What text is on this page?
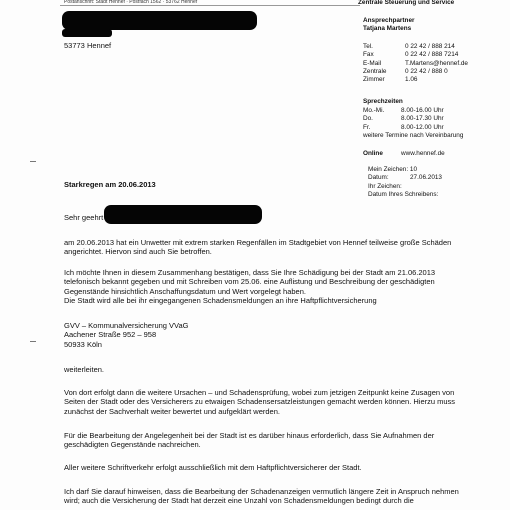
Postanschrift: Stadt Hennef · Postfach 1562 · 53762 Hennef
53773 Hennef
Zentrale Steuerung und Service
Ansprechpartner
Tatjana Martens
Tel.	0 22 42 / 888 214
Fax	0 22 42 / 888 7214
E-Mail	T.Martens@hennef.de
Zentrale	0 22 42 / 888 0
Zimmer	1.06
Sprechzeiten
Mo.-Mi.	8.00-16.00 Uhr
Do.	8.00-17.30 Uhr
Fr.	8.00-12.00 Uhr
weitere Termine nach Vereinbarung
Online	www.hennef.de
Mein Zeichen: 10
Datum:	27.06.2013
Ihr Zeichen:
Datum Ihres Schreibens:
Starkregen am 20.06.2013
Sehr geehrt
am 20.06.2013 hat ein Unwetter mit extrem starken Regenfällen im Stadtgebiet von Hennef teilweise große Schäden
angerichtet. Hiervon sind auch Sie betroffen.
Ich möchte Ihnen in diesem Zusammenhang bestätigen, dass Sie Ihre Schädigung bei der Stadt am 21.06.2013
telefonisch bekannt gegeben und mit Schreiben vom 25.06. eine Auflistung und Beschreibung der geschädigten
Gegenstände hinsichtlich Anschaffungsdatum und Wert vorgelegt haben.
Die Stadt wird alle bei ihr eingegangenen Schadensmeldungen an ihre Haftpflichtversicherung
GVV – Kommunalversicherung VVaG
Aachener Straße 952 – 958
50933 Köln
weiterleiten.
Von dort erfolgt dann die weitere Ursachen – und Schadensprüfung, wobei zum jetzigen Zeitpunkt keine Zusagen von
Seiten der Stadt oder des Versicherers zu etwaigen Schadensersatzleistungen gemacht werden können. Hierzu muss
zunächst der Sachverhalt weiter bewertet und aufgeklärt werden.
Für die Bearbeitung der Angelegenheit bei der Stadt ist es darüber hinaus erforderlich, dass Sie Aufnahmen der
geschädigten Gegenstände nachreichen.
Aller weitere Schriftverkehr erfolgt ausschließlich mit dem Haftpflichtversicherer der Stadt.
Ich darf Sie darauf hinweisen, dass die Bearbeitung der Schadenanzeigen vermutlich längere Zeit in Anspruch nehmen
wird; auch die Versicherung der Stadt hat derzeit eine Unzahl von Schadensmeldungen bedingt durch die
